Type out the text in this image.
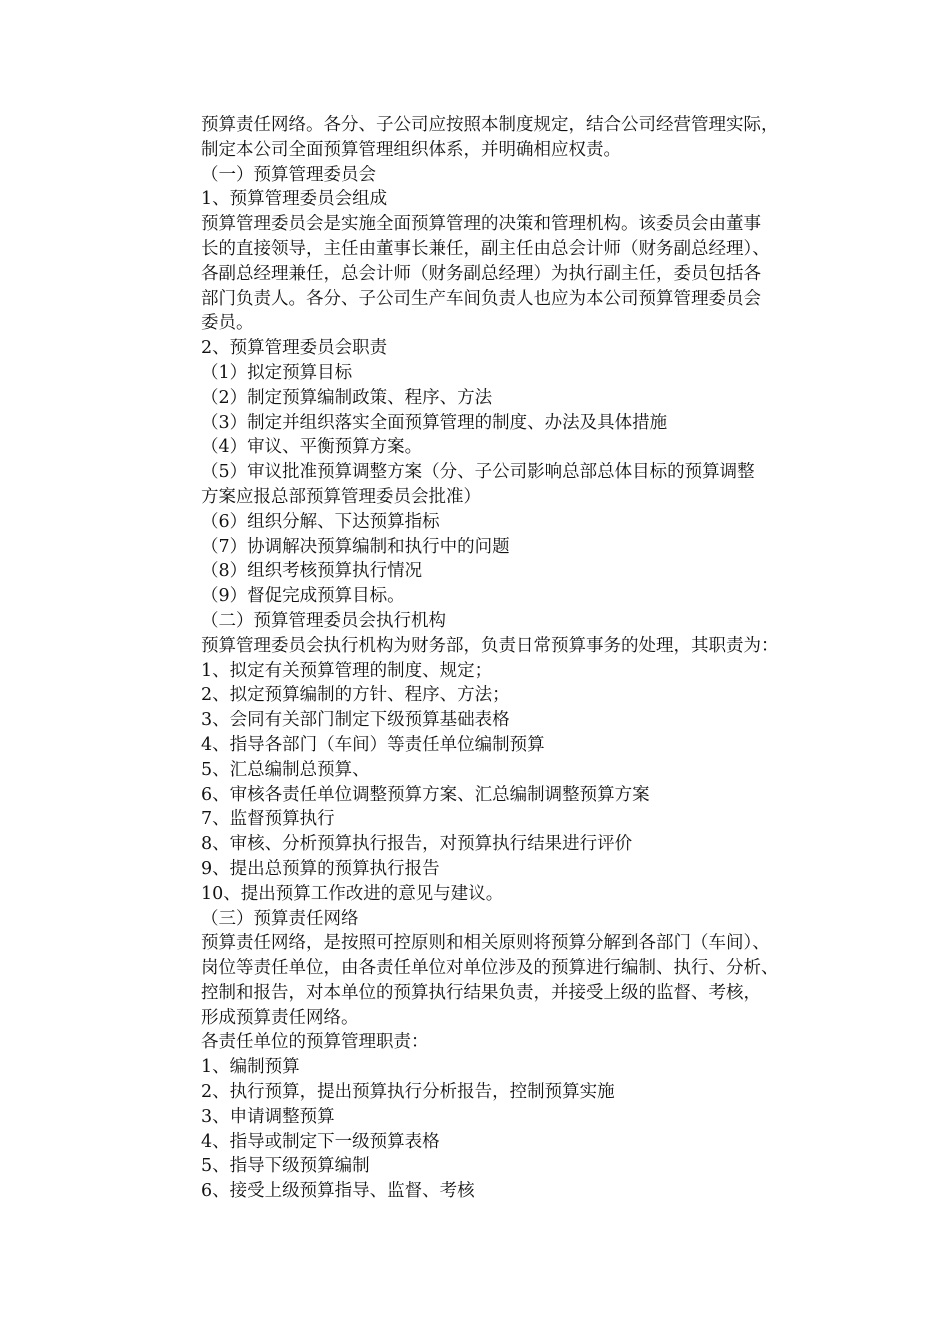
预算责任网络。各分、子公司应按照本制度规定，结合公司经营管理实际，
制定本公司全面预算管理组织体系，并明确相应权责。
（一）预算管理委员会
1、预算管理委员会组成
预算管理委员会是实施全面预算管理的决策和管理机构。该委员会由董事
长的直接领导，主任由董事长兼任，副主任由总会计师（财务副总经理）、
各副总经理兼任，总会计师（财务副总经理）为执行副主任，委员包括各
部门负责人。各分、子公司生产车间负责人也应为本公司预算管理委员会
委员。
2、预算管理委员会职责
（1）拟定预算目标
（2）制定预算编制政策、程序、方法
（3）制定并组织落实全面预算管理的制度、办法及具体措施
（4）审议、平衡预算方案。
（5）审议批准预算调整方案（分、子公司影响总部总体目标的预算调整
方案应报总部预算管理委员会批准）
（6）组织分解、下达预算指标
（7）协调解决预算编制和执行中的问题
（8）组织考核预算执行情况
（9）督促完成预算目标。
（二）预算管理委员会执行机构
预算管理委员会执行机构为财务部，负责日常预算事务的处理，其职责为：
1、拟定有关预算管理的制度、规定；
2、拟定预算编制的方针、程序、方法；
3、会同有关部门制定下级预算基础表格
4、指导各部门（车间）等责任单位编制预算
5、汇总编制总预算、
6、审核各责任单位调整预算方案、汇总编制调整预算方案
7、监督预算执行
8、审核、分析预算执行报告，对预算执行结果进行评价
9、提出总预算的预算执行报告
10、提出预算工作改进的意见与建议。
（三）预算责任网络
预算责任网络，是按照可控原则和相关原则将预算分解到各部门（车间）、
岗位等责任单位，由各责任单位对单位涉及的预算进行编制、执行、分析、
控制和报告，对本单位的预算执行结果负责，并接受上级的监督、考核，
形成预算责任网络。
各责任单位的预算管理职责：
1、编制预算
2、执行预算，提出预算执行分析报告，控制预算实施
3、申请调整预算
4、指导或制定下一级预算表格
5、指导下级预算编制
6、接受上级预算指导、监督、考核
